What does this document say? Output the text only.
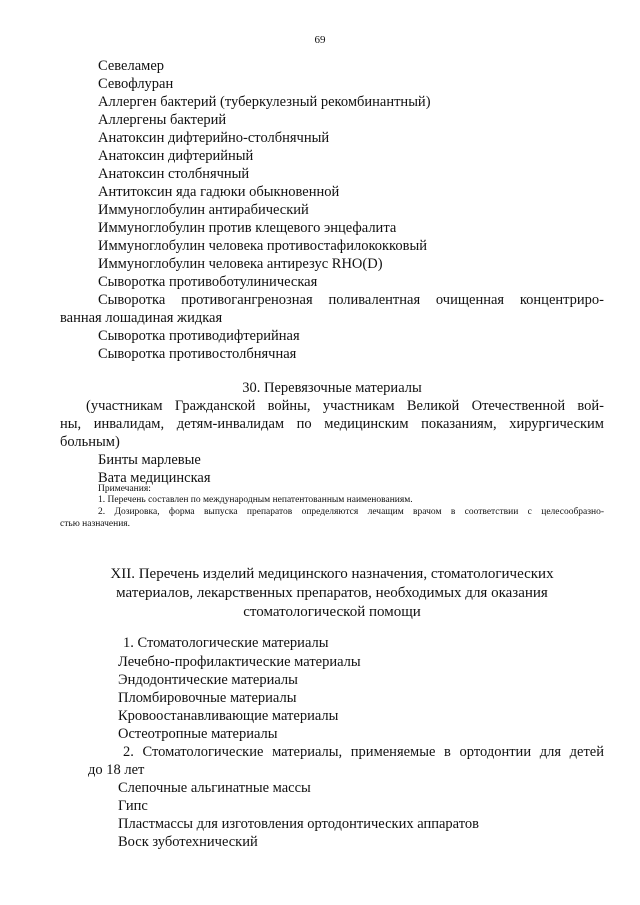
69
Севеламер
Севофлуран
Аллерген бактерий (туберкулезный рекомбинантный)
Аллергены бактерий
Анатоксин дифтерийно-столбнячный
Анатоксин дифтерийный
Анатоксин столбнячный
Антитоксин яда гадюки обыкновенной
Иммуноглобулин антирабический
Иммуноглобулин против клещевого энцефалита
Иммуноглобулин человека противостафилококковый
Иммуноглобулин человека антирезус RHO(D)
Сыворотка противоботулиническая
Сыворотка противогангренозная поливалентная очищенная концентриро-
ванная лошадиная жидкая
Сыворотка противодифтерийная
Сыворотка противостолбнячная
30. Перевязочные материалы
(участникам Гражданской войны, участникам Великой Отечественной вой-
ны, инвалидам, детям-инвалидам по медицинским показаниям, хирургическим
больным)
Бинты марлевые
Вата медицинская
Примечания:
1. Перечень составлен по международным непатентованным наименованиям.
2. Дозировка, форма выпуска препаратов определяются лечащим врачом в соответствии с целесообразно-
стью назначения.
XII. Перечень изделий медицинского назначения, стоматологических
материалов, лекарственных препаратов, необходимых для оказания
стоматологической помощи
1. Стоматологические материалы
Лечебно-профилактические материалы
Эндодонтические материалы
Пломбировочные материалы
Кровоостанавливающие материалы
Остеотропные материалы
2. Стоматологические материалы, применяемые в ортодонтии для детей
до 18 лет
Слепочные альгинатные массы
Гипс
Пластмассы для изготовления ортодонтических аппаратов
Воск зуботехнический
